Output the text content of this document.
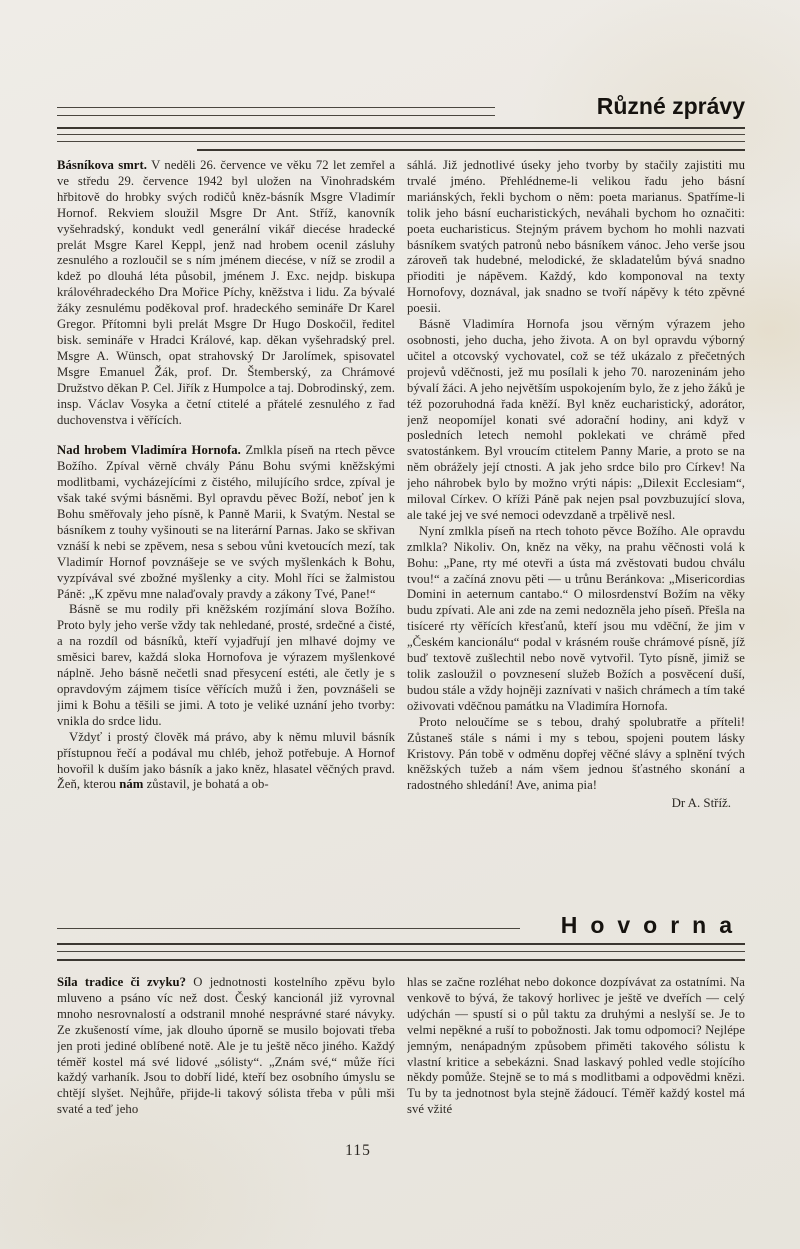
Různé zprávy

Básníkova smrt. V neděli 26. července ve věku 72 let zemřel a ve středu 29. července 1942 byl uložen na Vinohradském hřbitově do hrobky svých rodičů kněz-básník Msgre Vladimír Hornof. Rekviem sloužil Msgre Dr Ant. Stříž, kanovník vyšehradský, kondukt vedl generální vikář diecése hradecké prelát Msgre Karel Keppl, jenž nad hrobem ocenil zásluhy zesnulého a rozloučil se s ním jménem diecése, v níž se zrodil a kdež po dlouhá léta působil, jménem J. Exc. nejdp. biskupa královéhradeckého Dra Mořice Píchy, kněžstva i lidu. Za bývalé žáky zesnulému poděkoval prof. hradeckého semináře Dr Karel Gregor. Přítomni byli prelát Msgre Dr Hugo Doskočil, ředitel bisk. semináře v Hradci Králové, kap. děkan vyšehradský prel. Msgre A. Wünsch, opat strahovský Dr Jarolímek, spisovatel Msgre Emanuel Žák, prof. Dr. Štemberský, za Chrámové Družstvo děkan P. Cel. Jiřík z Humpolce a taj. Dobrodinský, zem. insp. Václav Vosyka a četní ctitelé a přátelé zesnulého z řad duchovenstva i věřících.

Nad hrobem Vladimíra Hornofa. Zmlkla píseň na rtech pěvce Božího. Zpíval věrně chvály Pánu Bohu svými kněžskými modlitbami, vycházejícími z čistého, milujícího srdce, zpíval je však také svými básněmi. Byl opravdu pěvec Boží, neboť jen k Bohu směřovaly jeho písně, k Panně Marii, k Svatým. Nestal se básníkem z touhy vyšinouti se na literární Parnas. Jako se skřivan vznáší k nebi se zpěvem, nesa s sebou vůni kvetoucích mezí, tak Vladimír Hornof povznášeje se ve svých myšlenkách k Bohu, vyzpívával své zbožné myšlenky a city. Mohl říci se žalmistou Páně: „K zpěvu mne nalaďovaly pravdy a zákony Tvé, Pane!“

Básně se mu rodily při kněžském rozjímání slova Božího. Proto byly jeho verše vždy tak nehledané, prosté, srdečné a čisté, a na rozdíl od básníků, kteří vyjadřují jen mlhavé dojmy ve směsici barev, každá sloka Hornofova je výrazem myšlenkové náplně. Jeho básně nečetli snad přesycení estéti, ale četly je s opravdovým zájmem tisíce věřících mužů i žen, povznášeli se jimi k Bohu a těšili se jimi. A toto je veliké uznání jeho tvorby: vnikla do srdce lidu.

Vždyť i prostý člověk má právo, aby k němu mluvil básník přístupnou řečí a podával mu chléb, jehož potřebuje. A Hornof hovořil k duším jako básník a jako kněz, hlasatel věčných pravd. Žeň, kterou nám zůstavil, je bohatá a ob-

sáhlá. Již jednotlivé úseky jeho tvorby by stačily zajistiti mu trvalé jméno. Přehlédneme-li velikou řadu jeho básní mariánských, řekli bychom o něm: poeta marianus. Spatříme-li tolik jeho básní eucharistických, neváhali bychom ho označiti: poeta eucharisticus. Stejným právem bychom ho mohli nazvati básníkem svatých patronů nebo básníkem vánoc. Jeho verše jsou zároveň tak hudebné, melodické, že skladatelům bývá snadno přioditi je nápěvem. Každý, kdo komponoval na texty Hornofovy, doznával, jak snadno se tvoří nápěvy k této zpěvné poesii.

Básně Vladimíra Hornofa jsou věrným výrazem jeho osobnosti, jeho ducha, jeho života. A on byl opravdu výborný učitel a otcovský vychovatel, což se též ukázalo z přečetných projevů vděčnosti, jež mu posílali k jeho 70. narozeninám jeho bývalí žáci. A jeho největším uspokojením bylo, že z jeho žáků je též pozoruhodná řada kněží. Byl kněz eucharistický, adorátor, jenž neopomíjel konati své adorační hodiny, ani když v posledních letech nemohl poklekati ve chrámě před svatostánkem. Byl vroucím ctitelem Panny Marie, a proto se na něm obrážely její ctnosti. A jak jeho srdce bilo pro Církev! Na jeho náhrobek bylo by možno vrýti nápis: „Dilexit Ecclesiam“, miloval Církev. O kříži Páně pak nejen psal povzbuzující slova, ale také jej ve své nemoci odevzdaně a trpělivě nesl.

Nyní zmlkla píseň na rtech tohoto pěvce Božího. Ale opravdu zmlkla? Nikoliv. On, kněz na věky, na prahu věčnosti volá k Bohu: „Pane, rty mé otevři a ústa má zvěstovati budou chválu tvou!“ a začíná znovu pěti — u trůnu Beránkova: „Misericordias Domini in aeternum cantabo.“ O milosrdenství Božím na věky budu zpívati. Ale ani zde na zemi nedozněla jeho píseň. Přešla na tisíceré rty věřících křesťanů, kteří jsou mu vděční, že jim v „Českém kancionálu“ podal v krásném rouše chrámové písně, jíž buď textově zušlechtil nebo nově vytvořil. Tyto písně, jimiž se tolik zasloužil o povznesení služeb Božích a posvěcení duší, budou stále a vždy hojněji zaznívati v našich chrámech a tím také oživovati vděčnou památku na Vladimíra Hornofa.

Proto neloučíme se s tebou, drahý spolubratře a příteli! Zůstaneš stále s námi i my s tebou, spojeni poutem lásky Kristovy. Pán tobě v odměnu dopřej věčné slávy a splnění tvých kněžských tužeb a nám všem jednou šťastného skonání a radostného shledání! Ave, anima pia!

Dr A. Stříž.
Hovorna

Síla tradice či zvyku? O jednotnosti kostelního zpěvu bylo mluveno a psáno víc než dost. Český kancionál již vyrovnal mnoho nesrovnalostí a odstranil mnohé nesprávné staré návyky. Ze zkušeností víme, jak dlouho úporně se musilo bojovati třeba jen proti jediné oblíbené notě. Ale je tu ještě něco jiného. Každý téměř kostel má své lidové „sólisty“. „Znám své,“ může říci každý varhaník. Jsou to dobří lidé, kteří bez osobního úmyslu se chtějí slyšet. Nejhůře, přijde-li takový sólista třeba v půli mši svaté a teď jeho

hlas se začne rozléhat nebo dokonce dozpívávat za ostatními. Na venkově to bývá, že takový horlivec je ještě ve dveřích — celý udýchán — spustí si o půl taktu za druhými a neslyší se. Je to velmi nepěkné a ruší to pobožnosti. Jak tomu odpomoci? Nejlépe jemným, nenápadným způsobem přiměti takového sólistu k vlastní kritice a sebekázni. Snad laskavý pohled vedle stojícího někdy pomůže. Stejně se to má s modlitbami a odpovědmi knězi. Tu by ta jednotnost byla stejně žádoucí. Téměř každý kostel má své vžité

115
